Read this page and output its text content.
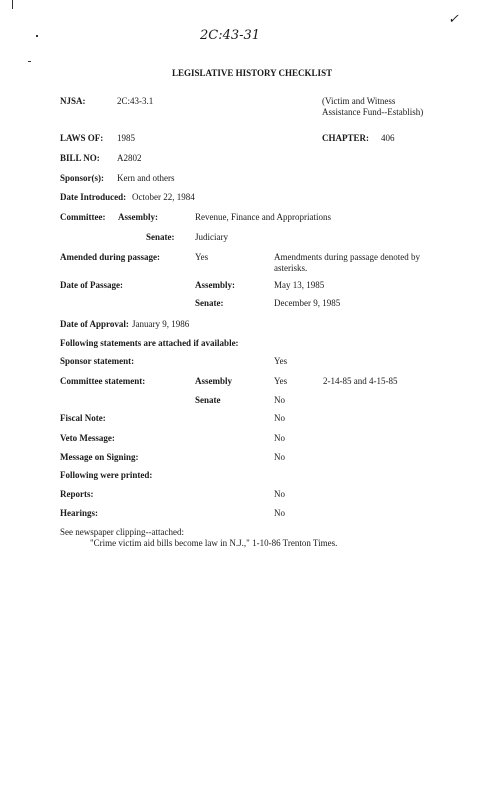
2C:43-31
✓
LEGISLATIVE HISTORY CHECKLIST
NJSA:	2C:43-3.1	(Victim and Witness Assistance Fund--Establish)
LAWS OF: 1985	CHAPTER: 406
BILL NO: A2802
Sponsor(s): Kern and others
Date Introduced: October 22, 1984
Committee: Assembly:	Revenue, Finance and Appropriations
Senate: Judiciary
Amended during passage:	Yes	Amendments during passage denoted by asterisks.
Date of Passage:	Assembly:	May 13, 1985
Senate:	December 9, 1985
Date of Approval: January 9, 1986
Following statements are attached if available:
Sponsor statement:	Yes
Committee statement:	Assembly	Yes	2-14-85 and 4-15-85
Senate	No
Fiscal Note:	No
Veto Message:	No
Message on Signing:	No
Following were printed:
Reports:	No
Hearings:	No
See newspaper clipping--attached:
"Crime victim aid bills become law in N.J.," 1-10-86 Trenton Times.
